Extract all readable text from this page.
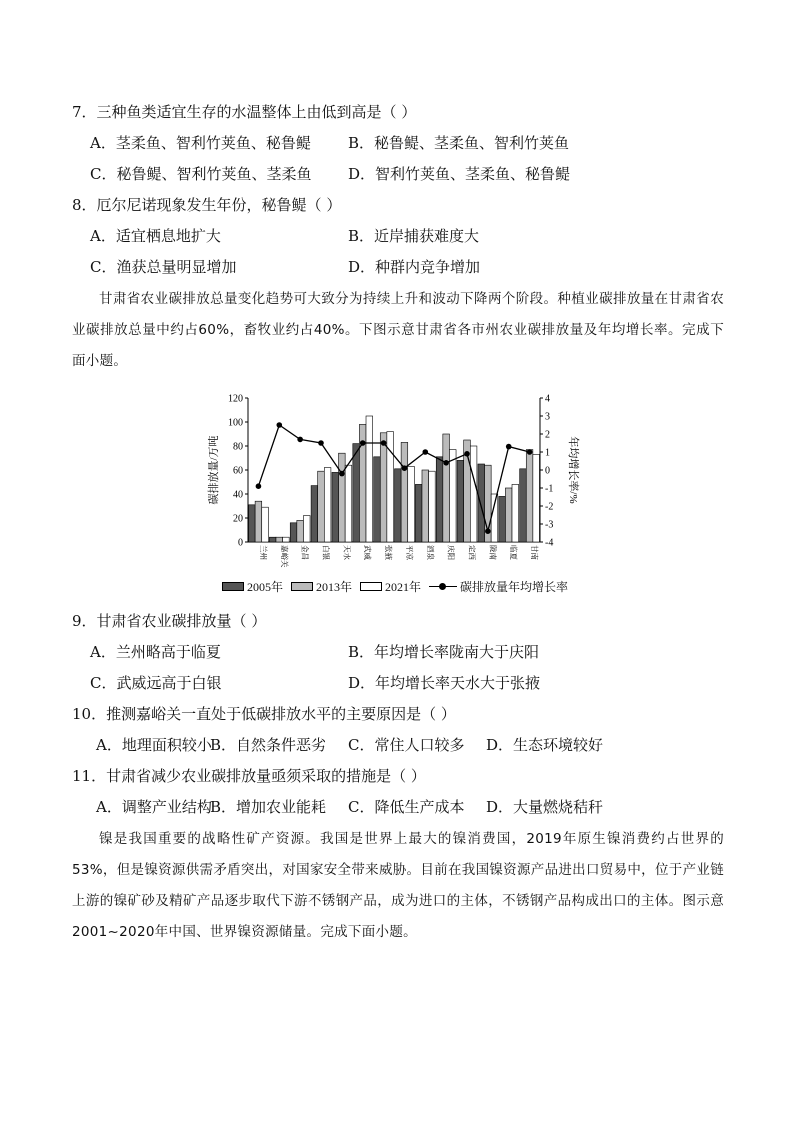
7．三种鱼类适宜生存的水温整体上由低到高是（ ）
A．茎柔鱼、智利竹荚鱼、秘鲁鳀 B．秘鲁鳀、茎柔鱼、智利竹荚鱼
C．秘鲁鳀、智利竹荚鱼、茎柔鱼 D．智利竹荚鱼、茎柔鱼、秘鲁鳀
8．厄尔尼诺现象发生年份，秘鲁鳀（ ）
A．适宜栖息地扩大	B．近岸捕获难度大
C．渔获总量明显增加	D．种群内竞争增加

甘肃省农业碳排放总量变化趋势可大致分为持续上升和波动下降两个阶段。种植业碳排放量在甘肃省农业碳排放总量中约占60%，畜牧业约占40%。下图示意甘肃省各市州农业碳排放量及年均增长率。完成下面小题。

0
20
40
60
80
100
120
-4
-3
-2
-1
0
1
2
3
4
碳排放量/万吨	年均增长率/%
兰州 嘉峪关 金昌 白银 天水 武威 张掖 平凉 酒泉 庆阳 定西 陇南 临夏 甘南
2005年	2013年	2021年	碳排放量年均增长率
9．甘肃省农业碳排放量（ ）
A．兰州略高于临夏	B．年均增长率陇南大于庆阳
C．武威远高于白银	D．年均增长率天水大于张掖
10．推测嘉峪关一直处于低碳排放水平的主要原因是（ ）
A．地理面积较小
B．自然条件恶劣 C．常住人口较多 D．生态环境较好
11．甘肃省减少农业碳排放量亟须采取的措施是（ ）
A．调整产业结构
B．增加农业能耗 C．降低生产成本 D．大量燃烧秸秆

镍是我国重要的战略性矿产资源。我国是世界上最大的镍消费国，2019年原生镍消费约占世界的53%，但是镍资源供需矛盾突出，对国家安全带来威胁。目前在我国镍资源产品进出口贸易中，位于产业链上游的镍矿砂及精矿产品逐步取代下游不锈钢产品，成为进口的主体，不锈钢产品构成出口的主体。图示意2001~2020年中国、世界镍资源储量。完成下面小题。
